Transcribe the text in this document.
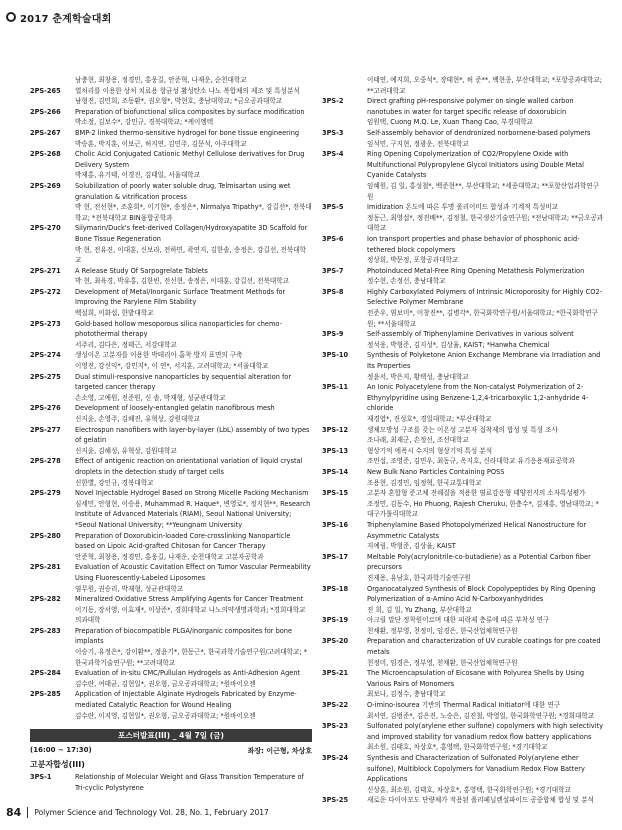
2017 춘계학술대회
남충현, 최창용, 정경민, 홍웅길, 안준혁, 나재운, 순천대학교
2PS-265	열처리를 이용한 상처 치료용 항균성 활성탄소 나노 복합체의 제조 및 특성분석
남형진, 김민희, 조동환*, 권오형*, 박현호, 충남대학교; *금오공과대학교
2PS-266	Preparation of biofunctional silica composites by surface modification
박소정, 김보수*, 강민규, 경북대학교; *케이엠텍
2PS-267	BMP-2 linked thermo-sensitive hydrogel for bone tissue engineering
박승훈, 박지훈, 이보근, 허지연, 김민주, 김문석, 아주대학교
2PS-268	Cholic Acid Conjugated Cationic Methyl Cellulose derivatives for Drug Delivery System
박재홍, 유기태, 이경진, 김태일, 서울대학교
2PS-269	Solubilization of poorly water soluble drug, Telmisartan using wet granulation & vitrification process
박 현, 전선현*, 조훈희*, 이기현*, 송정은*, Nirmalya Tripathy*, 강길선*, 전북대학교; *전북대학교 BIN융합공학과
2PS-270	Silymarin/Duck's feet-derived Collagen/Hydroxyapatite 3D Scaffold for Bone Tissue Regeneration
박 현, 전유진, 이대훈, 신보라, 전하민, 곽연지, 김한솔, 송정은, 강길선, 전북대학교
2PS-271	A Release Study Of Sarpogrelate Tablets
박 현, 최육경, 박유홍, 김한빈, 전선현, 송정은, 이대훈, 강길선, 전북대학교
2PS-272	Development of Metal/Inorganic Surface Treatment Methods for Improving the Parylene Film Stability
백설희, 이화섭, 한밭대학교
2PS-273	Gold-based hollow mesoporous silica nanoparticles for chemo-photothermal therapy
서주리, 김다은, 정태근, 서강대학교
2PS-274	생성이온 고분자를 이용한 박테리아 흡착 방지 표면의 구축
이영진, 강신익*, 강민지*, 이 연*, 서지훈, 고려대학교; *서울대학교
2PS-275	Dual stimuli-responsive nanoparticles by sequential alteration for targeted cancer therapy
손소영, 고예원, 전준원, 신 솔, 박재형, 성균관대학교
2PS-276	Development of loosely-entangled gelatin nanofibrous mesh
신지윤, 손영주, 김혜진, 유혁상, 강원대학교
2PS-277	Electrospun nanofibers with layer-by-layer (LbL) assembly of two types of gelatin
신지윤, 김혜성, 유혁상, 강원대학교
2PS-278	Effect of antigenic reaction on orientational variation of liquid crystal droplets in the detection study of target cells
신한별, 강인규, 경북대학교
2PS-279	Novel Injectable Hydrogel Based on Strong Micelle Packing Mechanism
심세민, 안형현, 이승용, Muhammad R. Haque*, 변영로*, 정지현**, Research Institute of Advanced Materials (RIAM), Seoul National University; *Seoul National University; **Yeungnam University
2PS-280	Preparation of Doxorubicin-loaded Core-crosslinking Nanoparticle based on Lipoic Acid-grafted Chitosan for Cancer Therapy
안준혁, 최창용, 정경민, 홍웅길, 나재운, 순천대학교 고분자공학과
2PS-281	Evaluation of Acoustic Cavitation Effect on Tumor Vascular Permeability Using Fluorescently-Labeled Liposomes
염무원, 권승리, 박재형, 성균관대학교
2PS-282	Mineralized Oxidative Stress Amplifying Agents for Cancer Treatment
이기동, 장서영, 이효재*, 이상준*, 경희대학교 나노의약생명과학과; *경희대학교 의과대학
2PS-283	Preparation of biocompatible PLGA/inorganic composites for bone implants
이승기, 유정은*, 강이환**, 정윤기*, 한동근*, 한국과학기술연구원/고려대학교; *한국과학기술연구원; **고려대학교
2PS-284	Evaluation of in-situ CMC/Pullulan Hydrogels as Anti-Adhesion Agent
김수란, 여태균, 김현일*, 권오형, 금오공과대학교; *원바이오젠
2PS-285	Application of Injectable Alginate Hydrogels Fabricated by Enzyme-mediated Catalytic Reaction for Wound Healing
김수란, 이지영, 김현일*, 권오형, 금오공과대학교; *원바이오젠
포스터발표(III) _ 4월 7일 (금)
(16:00 ~ 17:30)	좌장: 이근형, 차상호
고분자합성(III)
3PS-1	Relationship of Molecular Weight and Glass Transition Temperature of Tri-cyclic Polystyrene
이태연, 예지희, 오중석*, 장태현*, 허 준**, 백현종, 부산대학교; *포항공과대학교; **고려대학교
3PS-2	Direct grafting pH-responsive polymer on single walled carbon nanotubes in water for target specific release of doxorubicin
임원택, Cuong M.Q. Le, Xuan Thang Cao, 부경대학교
3PS-3	Self-assembly behavior of dendronized norbornene-based polymers
임석민, 구지현, 정광운, 전북대학교
3PS-4	Ring Opening Copolymerization of CO2/Propylene Oxide with Multifunctional Polypropylene Glycol Initiators using Double Metal Cyanide Catalysts
임혜원, 김 일, 홍성철*, 백준현**, 부산대학교; *세종대학교; **포항산업과학연구원
3PS-5	Imidization 온도에 따른 투명 폴리이미드 합성과 기계적 특성비교
정동근, 최영섭*, 정진배**, 김정철, 한국생산기술연구원; *전남대학교; **금오공과대학교
3PS-6	Ion transport properties and phase behavior of phosphonic acid-tethered block copolymers
정상희, 박문정, 포항공과대학교
3PS-7	Photoinduced Metal-Free Ring Opening Metathesis Polymerization
정수현, 손정선, 충남대학교
3PS-8	Highly Carboxylated Polymers of Intrinsic Microporosity for Highly CO2-Selective Polymer Membrane
전준우, 염보미*, 이창진**, 김병각*, 한국화학연구원/서울대학교; *한국화학연구원; **서울대학교
3PS-9	Self-assembly of Triphenylamine Derivatives in various solvent
정석웅, 박형준, 김지성*, 김상율, KAIST; *Hanwha Chemical
3PS-10	Synthesis of Polyketone Anion Exchange Membrane via Irradiation and Its Properties
정윤서, 박은지, 황택성, 충남대학교
3PS-11	An Ionic Polyacetylene from the Non-catalyst Polymerization of 2-Ethynylpyridine using Benzene-1,2,4-tricarboxylic 1,2-anhydride 4-chloride
제경엽*, 진성호*, 경일대학교; *부산대학교
3PS-12	생체모방성 구조를 갖는 이온성 고분자 접착제의 합성 및 특성 조사
조나래, 최재군, 손정선, 조선대학교
3PS-13	형상기억 에폭시 수지의 형상기억 특성 분석
조민섭, 조영준, 김민우, 최동규, 옥지호, 신라대학교 유기응용재료공학과
3PS-14	New Bulk Nano Particles Containing POSS
조용현, 김경민, 임정혁, 한국교통대학교
3PS-15	고분자 혼합형 준고체 전해질을 적용한 염료감응형 태양전지의 소자특성평가
조정민, 김동수, Ho Phuong, Rajesh Cheruku, 한충수*, 김재홍, 영남대학교; *대구가톨릭대학교
3PS-16	Triphenylamine Based Photopolymerized Helical Nanostructure for Asymmetric Catalysts
지예림, 박형준, 김상율, KAIST
3PS-17	Meltable Poly(acrylonitrile-co-butadiene) as a Potential Carbon fiber precursors
진재용, 유남호, 한국과학기술연구원
3PS-18	Organocatalyzed Synthesis of Block Copolypeptides by Ring Opening Polymerization of α-Amino Acid N-Carboxyanhydrides
진 희, 김 일, Yu Zhang, 부산대학교
3PS-19	아크릴 말단 정착원이르며 대한 피락제 층류에 따른 부착성 연구
천채환, 정부영, 천정미, 임경은, 한국산업체혁연구원
3PS-20	Preparation and characterization of UV curable coatings for pre coated metals
천정미, 임경은, 정부영, 천채환, 한국산업체혁연구원
3PS-21	The Microencapsulation of Eicosane with Polyurea Shells by Using Various Pairs of Monomers
최보나, 김정수, 충남대학교
3PS-22	O-imino-isourea 기반의 Thermal Radical Initiator에 대한 연구
최서연, 김범준*, 김은진, 노승은, 김진철, 박영일, 한국화학연구원; *경희대학교
3PS-23	Sulfonated poly(arylene ether sulfone) copolymers with high selectivity and improved stability for vanadium redox flow battery applications
최소원, 김태호, 차상호*, 홍영택, 한국화학연구원; *경기대학교
3PS-24	Synthesis and Characterization of Sulfonated Poly(arylene ether sulfone), Multiblock Copolymers for Vanadium Redox Flow Battery Applications
신상훈, 최소원, 김태호, 차상호*, 홍영택, 한국화학연구원; *경기대학교
3PS-25	새로운 다이아모도 단량체가 적용된 폴리페닐렌설파이드 공중합체 합성 및 분석
84 Polymer Science and Technology Vol. 28, No. 1, February 2017
